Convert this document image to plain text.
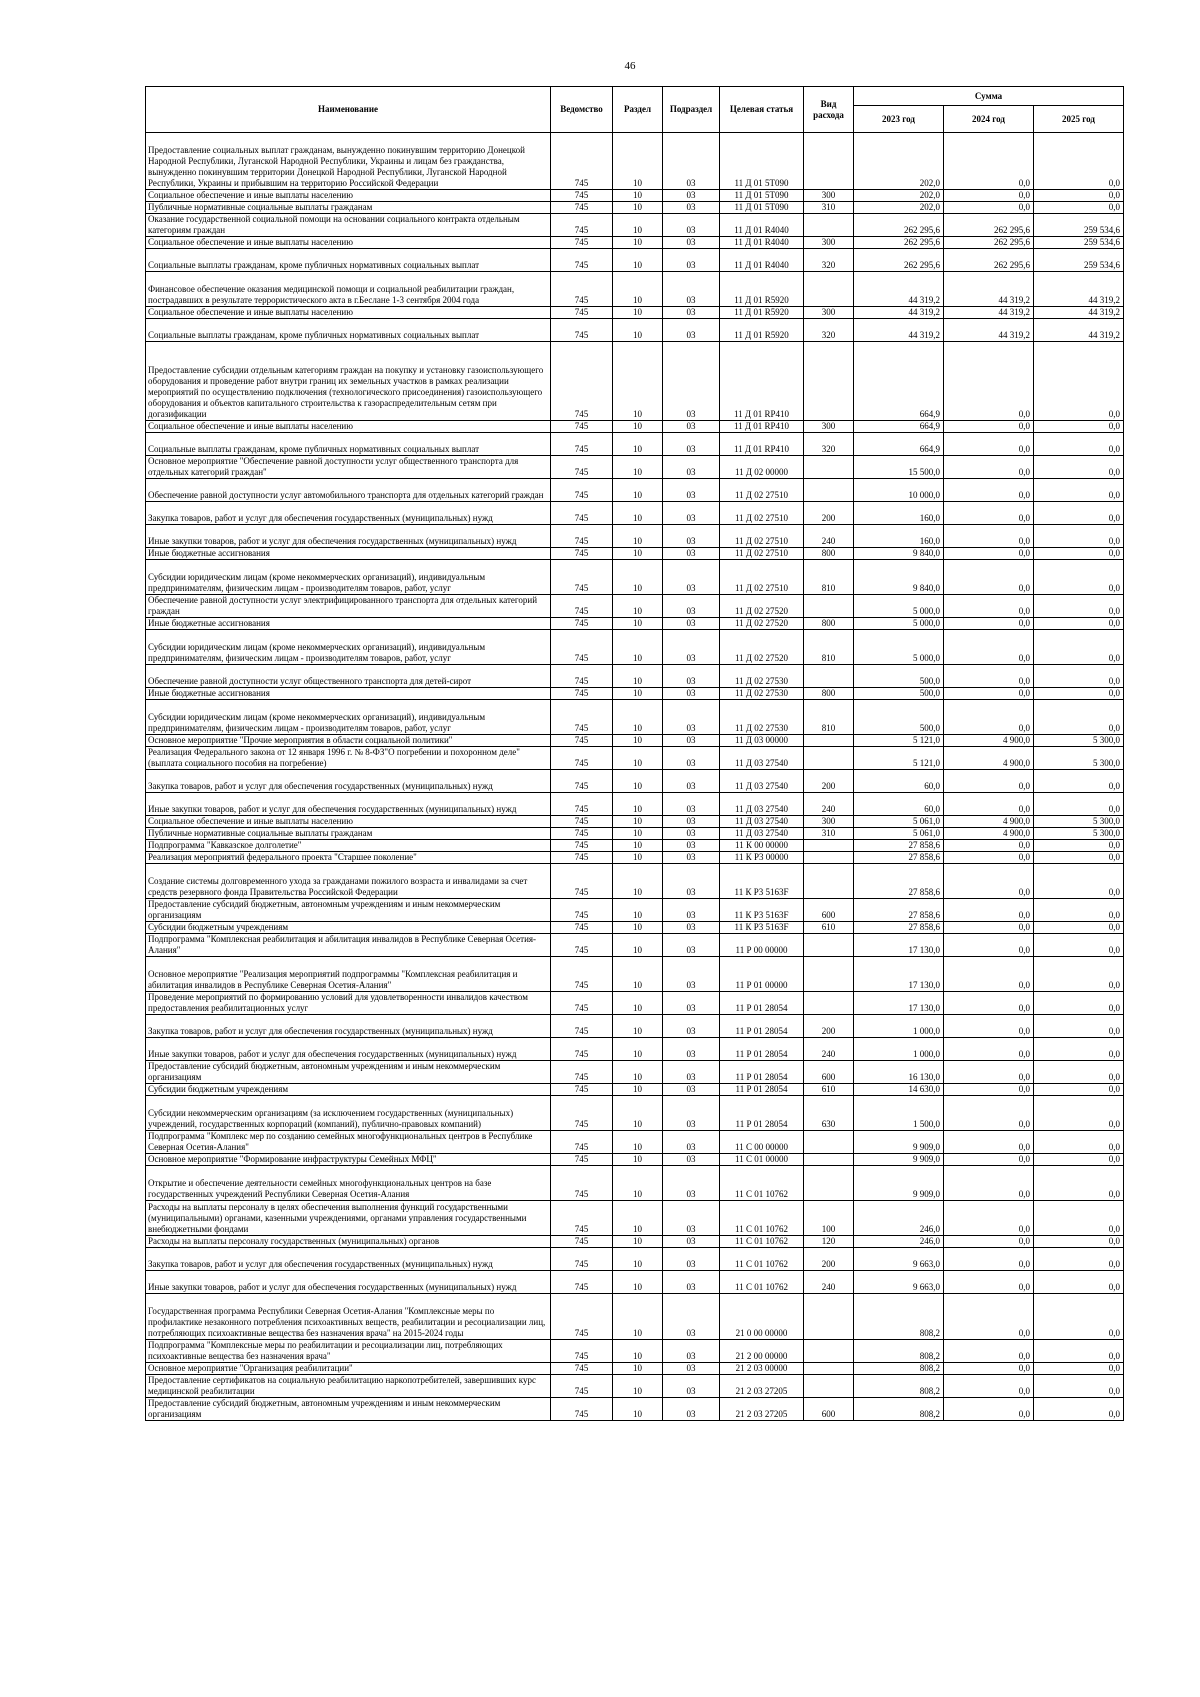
46
Наименование	Ведомство	Раздел	Подраздел	Целевая статья	Вид расхода	Сумма		
						2023 год	2024 год	2025 год
Предоставление социальных выплат гражданам, вынужденно покинувшим территорию Донецкой Народной Республики, Луганской Народной Республики, Украины и лицам без гражданства, вынужденно покинувшим территории Донецкой Народной Республики, Луганской Народной Республики, Украины и прибывшим на территорию Российской Федерации	745	10	03	11 Д 01 5Т090		202,0	0,0	0,0
Социальное обеспечение и иные выплаты населению	745	10	03	11 Д 01 5Т090	300	202,0	0,0	0,0
Публичные нормативные социальные выплаты гражданам	745	10	03	11 Д 01 5Т090	310	202,0	0,0	0,0
Оказание государственной социальной помощи на основании социального контракта отдельным категориям граждан	745	10	03	11 Д 01 R4040		262 295,6	262 295,6	259 534,6
Социальное обеспечение и иные выплаты населению	745	10	03	11 Д 01 R4040	300	262 295,6	262 295,6	259 534,6
Социальные выплаты гражданам, кроме публичных нормативных социальных выплат	745	10	03	11 Д 01 R4040	320	262 295,6	262 295,6	259 534,6
Финансовое обеспечение оказания медицинской помощи и социальной реабилитации граждан, пострадавших в результате террористического акта в г.Беслане 1-3 сентября 2004 года	745	10	03	11 Д 01 R5920		44 319,2	44 319,2	44 319,2
Социальное обеспечение и иные выплаты населению	745	10	03	11 Д 01 R5920	300	44 319,2	44 319,2	44 319,2
Социальные выплаты гражданам, кроме публичных нормативных социальных выплат	745	10	03	11 Д 01 R5920	320	44 319,2	44 319,2	44 319,2
Предоставление субсидии отдельным категориям граждан на покупку и установку газоиспользующего оборудования и проведение работ внутри границ их земельных участков в рамках реализации мероприятий по осуществлению подключения (технологического присоединения) газоиспользующего оборудования и объектов капитального строительства к газораспределительным сетям при догазификации	745	10	03	11 Д 01 RР410		664,9	0,0	0,0
Социальное обеспечение и иные выплаты населению	745	10	03	11 Д 01 RР410	300	664,9	0,0	0,0
Социальные выплаты гражданам, кроме публичных нормативных социальных выплат	745	10	03	11 Д 01 RР410	320	664,9	0,0	0,0
Основное мероприятие "Обеспечение равной доступности услуг общественного транспорта для отдельных категорий граждан"	745	10	03	11 Д 02 00000		15 500,0	0,0	0,0
Обеспечение равной доступности услуг автомобильного транспорта для отдельных категорий граждан	745	10	03	11 Д 02 27510		10 000,0	0,0	0,0
Закупка товаров, работ и услуг для обеспечения государственных (муниципальных) нужд	745	10	03	11 Д 02 27510	200	160,0	0,0	0,0
Иные закупки товаров, работ и услуг для обеспечения государственных (муниципальных) нужд	745	10	03	11 Д 02 27510	240	160,0	0,0	0,0
Иные бюджетные ассигнования	745	10	03	11 Д 02 27510	800	9 840,0	0,0	0,0
Субсидии юридическим лицам (кроме некоммерческих организаций), индивидуальным предпринимателям, физическим лицам - производителям товаров, работ, услуг	745	10	03	11 Д 02 27510	810	9 840,0	0,0	0,0
Обеспечение равной доступности услуг электрифицированного транспорта для отдельных категорий граждан	745	10	03	11 Д 02 27520		5 000,0	0,0	0,0
Иные бюджетные ассигнования	745	10	03	11 Д 02 27520	800	5 000,0	0,0	0,0
Субсидии юридическим лицам (кроме некоммерческих организаций), индивидуальным предпринимателям, физическим лицам - производителям товаров, работ, услуг	745	10	03	11 Д 02 27520	810	5 000,0	0,0	0,0
Обеспечение равной доступности услуг общественного транспорта для детей-сирот	745	10	03	11 Д 02 27530		500,0	0,0	0,0
Иные бюджетные ассигнования	745	10	03	11 Д 02 27530	800	500,0	0,0	0,0
Субсидии юридическим лицам (кроме некоммерческих организаций), индивидуальным предпринимателям, физическим лицам - производителям товаров, работ, услуг	745	10	03	11 Д 02 27530	810	500,0	0,0	0,0
Основное мероприятие "Прочие мероприятия в области социальной политики"	745	10	03	11 Д 03 00000		5 121,0	4 900,0	5 300,0
Реализация Федерального закона от 12 января 1996 г. № 8-ФЗ"О погребении и похоронном деле" (выплата социального пособия на погребение)	745	10	03	11 Д 03 27540		5 121,0	4 900,0	5 300,0
Закупка товаров, работ и услуг для обеспечения государственных (муниципальных) нужд	745	10	03	11 Д 03 27540	200	60,0	0,0	0,0
Иные закупки товаров, работ и услуг для обеспечения государственных (муниципальных) нужд	745	10	03	11 Д 03 27540	240	60,0	0,0	0,0
Социальное обеспечение и иные выплаты населению	745	10	03	11 Д 03 27540	300	5 061,0	4 900,0	5 300,0
Публичные нормативные социальные выплаты гражданам	745	10	03	11 Д 03 27540	310	5 061,0	4 900,0	5 300,0
Подпрограмма "Кавказское долголетие"	745	10	03	11 К 00 00000		27 858,6	0,0	0,0
Реализация мероприятий федерального проекта "Старшее поколение"	745	10	03	11 К Р3 00000		27 858,6	0,0	0,0
Создание системы долговременного ухода за гражданами пожилого возраста и инвалидами за счет средств резервного фонда Правительства Российской Федерации	745	10	03	11 К Р3 5163F		27 858,6	0,0	0,0
Предоставление субсидий бюджетным, автономным учреждениям и иным некоммерческим организациям	745	10	03	11 К Р3 5163F	600	27 858,6	0,0	0,0
Субсидии бюджетным учреждениям	745	10	03	11 К Р3 5163F	610	27 858,6	0,0	0,0
Подпрограмма "Комплексная реабилитация и абилитация инвалидов в Республике Северная Осетия-Алания"	745	10	03	11 Р 00 00000		17 130,0	0,0	0,0
Основное мероприятие "Реализация мероприятий подпрограммы "Комплексная реабилитация и абилитация инвалидов в Республике Северная Осетия-Алания"	745	10	03	11 Р 01 00000		17 130,0	0,0	0,0
Проведение мероприятий по формированию условий для удовлетворенности инвалидов качеством предоставления реабилитационных услуг	745	10	03	11 Р 01 28054		17 130,0	0,0	0,0
Закупка товаров, работ и услуг для обеспечения государственных (муниципальных) нужд	745	10	03	11 Р 01 28054	200	1 000,0	0,0	0,0
Иные закупки товаров, работ и услуг для обеспечения государственных (муниципальных) нужд	745	10	03	11 Р 01 28054	240	1 000,0	0,0	0,0
Предоставление субсидий бюджетным, автономным учреждениям и иным некоммерческим организациям	745	10	03	11 Р 01 28054	600	16 130,0	0,0	0,0
Субсидии бюджетным учреждениям	745	10	03	11 Р 01 28054	610	14 630,0	0,0	0,0
Субсидии некоммерческим организациям (за исключением государственных (муниципальных) учреждений, государственных корпораций (компаний), публично-правовых компаний)	745	10	03	11 Р 01 28054	630	1 500,0	0,0	0,0
Подпрограмма "Комплекс мер по созданию семейных многофункциональных центров в Республике Северная Осетия-Алания"	745	10	03	11 С 00 00000		9 909,0	0,0	0,0
Основное мероприятие "Формирование инфраструктуры Семейных МФЦ"	745	10	03	11 С 01 00000		9 909,0	0,0	0,0
Открытие и обеспечение деятельности семейных многофункциональных центров на базе государственных учреждений Республики Северная Осетия-Алания	745	10	03	11 С 01 10762		9 909,0	0,0	0,0
Расходы на выплаты персоналу в целях обеспечения выполнения функций государственными (муниципальными) органами, казенными учреждениями, органами управления государственными внебюджетными фондами	745	10	03	11 С 01 10762	100	246,0	0,0	0,0
Расходы на выплаты персоналу государственных (муниципальных) органов	745	10	03	11 С 01 10762	120	246,0	0,0	0,0
Закупка товаров, работ и услуг для обеспечения государственных (муниципальных) нужд	745	10	03	11 С 01 10762	200	9 663,0	0,0	0,0
Иные закупки товаров, работ и услуг для обеспечения государственных (муниципальных) нужд	745	10	03	11 С 01 10762	240	9 663,0	0,0	0,0
Государственная программа Республики Северная Осетия-Алания "Комплексные меры по профилактике незаконного потребления психоактивных веществ, реабилитации и ресоциализации лиц, потребляющих психоактивные вещества без назначения врача" на 2015-2024 годы	745	10	03	21 0 00 00000		808,2	0,0	0,0
Подпрограмма "Комплексные меры по реабилитации и ресоциализации лиц, потребляющих психоактивные вещества без назначения врача"	745	10	03	21 2 00 00000		808,2	0,0	0,0
Основное мероприятие "Организация реабилитации"	745	10	03	21 2 03 00000		808,2	0,0	0,0
Предоставление сертификатов на социальную реабилитацию наркопотребителей, завершивших курс медицинской реабилитации	745	10	03	21 2 03 27205		808,2	0,0	0,0
Предоставление субсидий бюджетным, автономным учреждениям и иным некоммерческим организациям	745	10	03	21 2 03 27205	600	808,2	0,0	0,0
